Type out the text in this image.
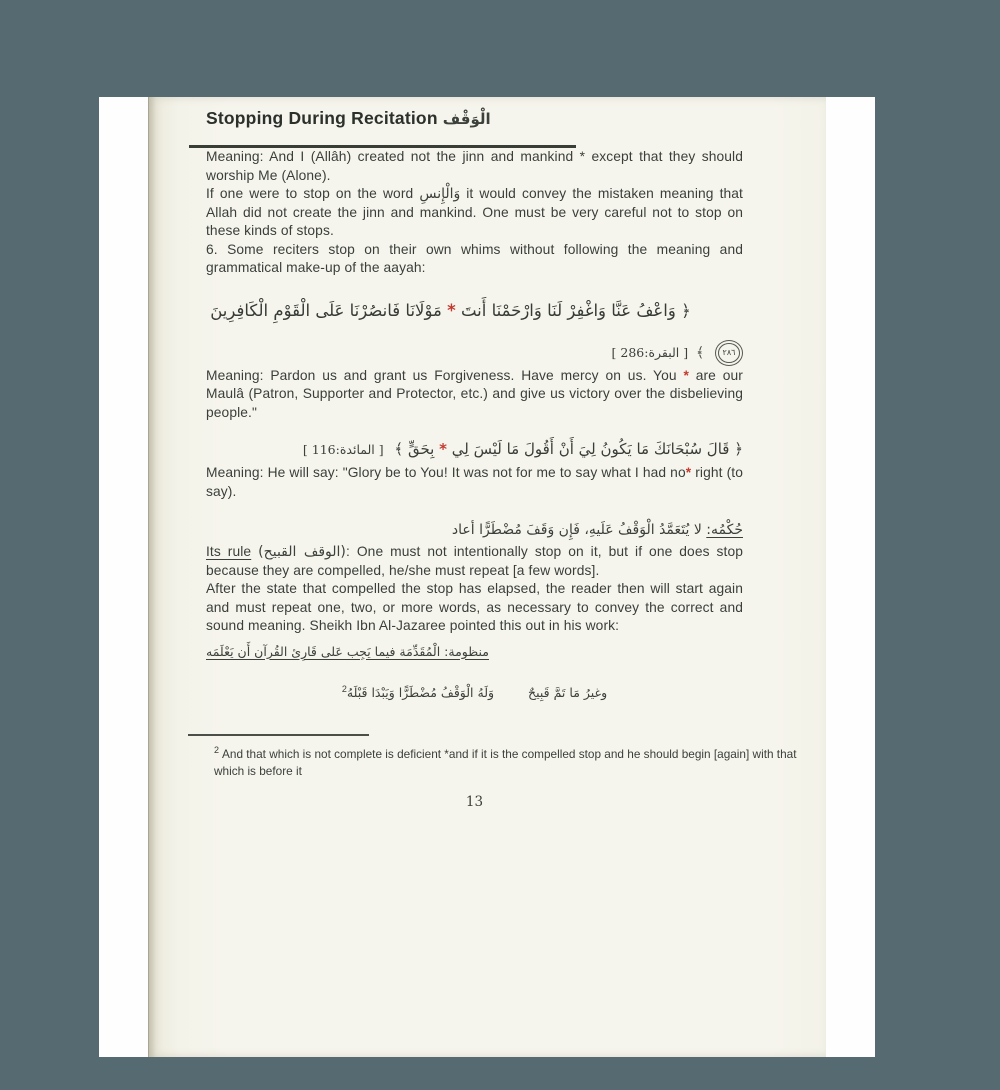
Stopping During Recitation الْوَقْف

Meaning: And I (Allâh) created not the jinn and mankind * except that they should worship Me (Alone).

If one were to stop on the word وَالْإِنسِ it would convey the mistaken meaning that Allah did not create the jinn and mankind. One must be very careful not to stop on these kinds of stops.

6. Some reciters stop on their own whims without following the meaning and grammatical make-up of the aayah:

﴿ وَاعْفُ عَنَّا وَاغْفِرْ لَنَا وَارْحَمْنَا أَنتَ * مَوْلَانَا فَانصُرْنَا عَلَى الْقَوْمِ الْكَافِرِينَ
٢٨٦ ﴾ [ البقرة:286 ]

Meaning: Pardon us and grant us Forgiveness. Have mercy on us. You * are our Maulâ (Patron, Supporter and Protector, etc.) and give us victory over the disbelieving people."

﴿ قَالَ سُبْحَانَكَ مَا يَكُونُ لِيَ أَنْ أَقُولَ مَا لَيْسَ لِي * بِحَقٍّ ﴾ [ المائدة:116 ]

Meaning: He will say: "Glory be to You! It was not for me to say what I had no* right (to say).

حُكْمُه: لا يُتَعَمَّدُ الْوَقْفُ عَلَيهِ، فَإِن وَقَفَ مُضْطَرًّا أعاد

Its rule (الوقف القبيح): One must not intentionally stop on it, but if one does stop because they are compelled, he/she must repeat [a few words].

After the state that compelled the stop has elapsed, the reader then will start again and must repeat one, two, or more words, as necessary to convey the correct and sound meaning. Sheikh Ibn Al-Jazaree pointed this out in his work:

منظومة: الْمُقَدِّمَة فيما يَجِب عَلى قَارِئ القُرآن أَن يَعْلَمَه
وغيرُ مَا تَمَّ قَبِيحٌ وَلَهُ الْوَقْفُ مُضْطَرًّا وَيَبْدَا قَبْلَهُ$^2$

$^2$ And that which is not complete is deficient *and if it is the compelled stop and he should begin [again] with that which is before it

13
